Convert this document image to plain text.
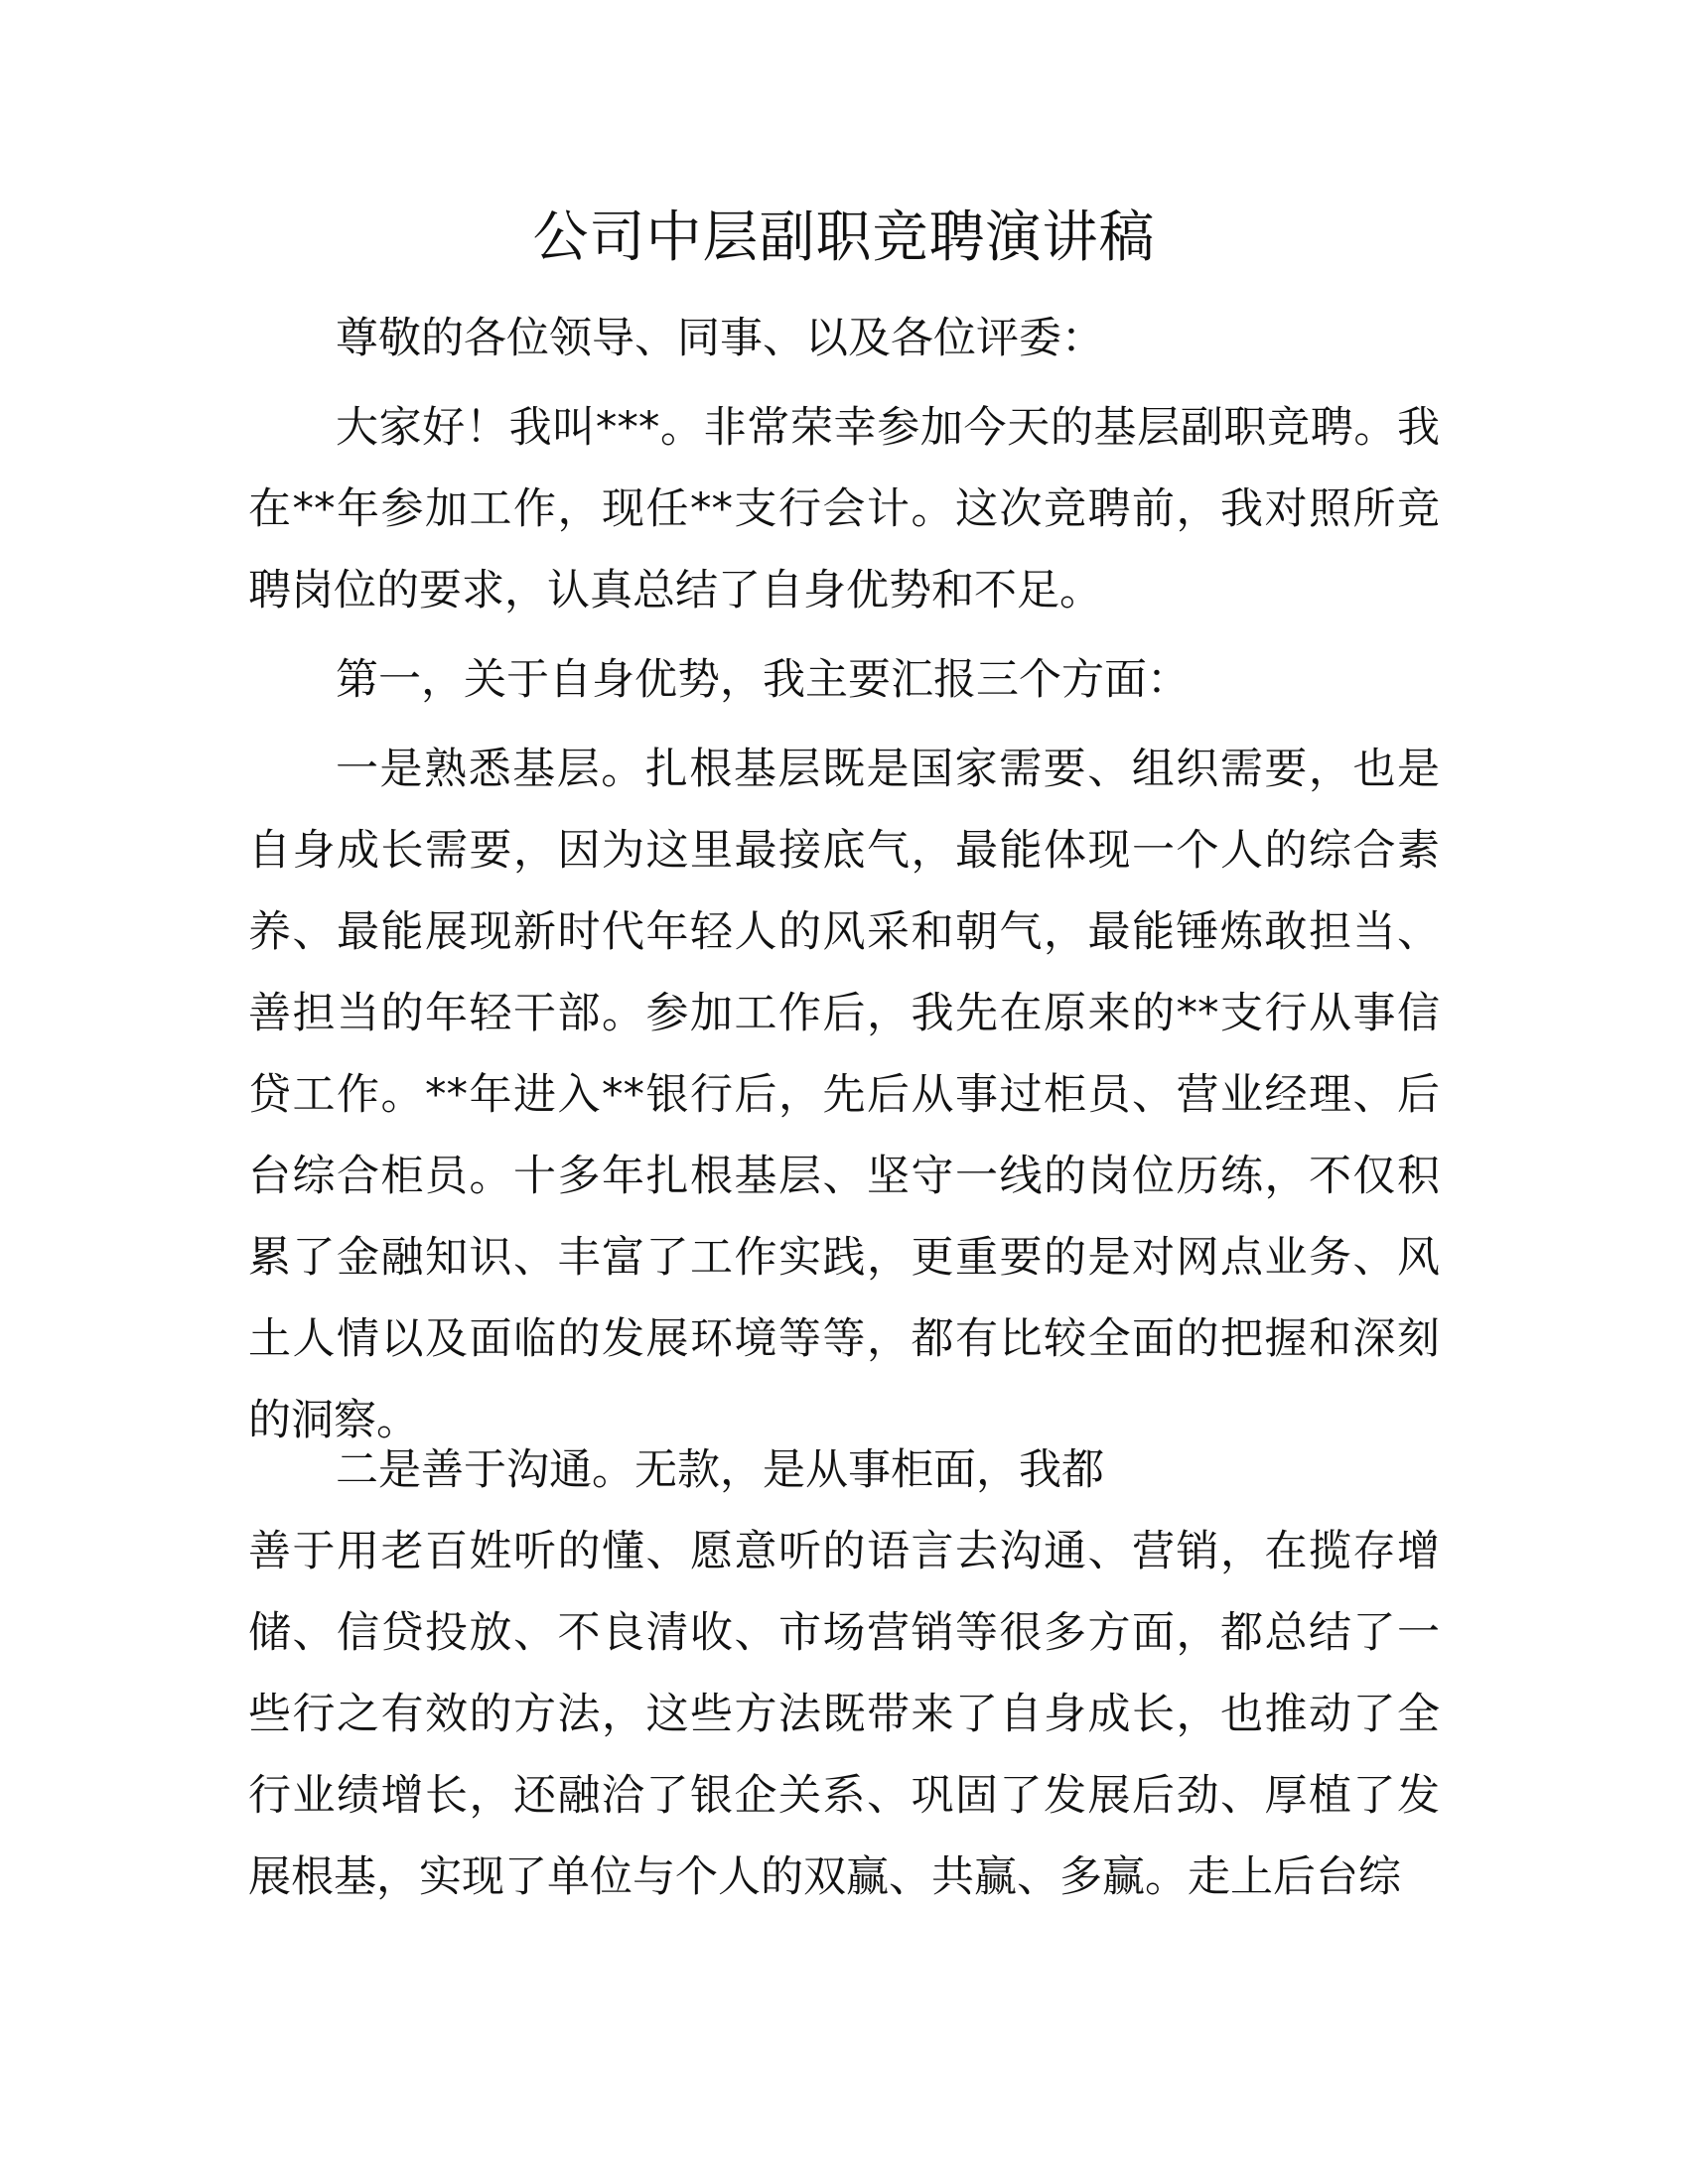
公司中层副职竞聘演讲稿

尊敬的各位领导、同事、以及各位评委：

大家好！我叫***。非常荣幸参加今天的基层副职竞聘。我在**年参加工作，现任**支行会计。这次竞聘前，我对照所竞聘岗位的要求，认真总结了自身优势和不足。

第一，关于自身优势，我主要汇报三个方面：

一是熟悉基层。扎根基层既是国家需要、组织需要，也是自身成长需要，因为这里最接底气，最能体现一个人的综合素养、最能展现新时代年轻人的风采和朝气，最能锤炼敢担当、善担当的年轻干部。参加工作后，我先在原来的**支行从事信贷工作。**年进入**银行后，先后从事过柜员、营业经理、后台综合柜员。十多年扎根基层、坚守一线的岗位历练，不仅积累了金融知识、丰富了工作实践，更重要的是对网点业务、风土人情以及面临的发展环境等等，都有比较全面的把握和深刻的洞察。

二是善于沟通。无款，是从事柜面，我都

善于用老百姓听的懂、愿意听的语言去沟通、营销，在揽存增储、信贷投放、不良清收、市场营销等很多方面，都总结了一些行之有效的方法，这些方法既带来了自身成长，也推动了全行业绩增长，还融洽了银企关系、巩固了发展后劲、厚植了发展根基，实现了单位与个人的双赢、共赢、多赢。走上后台综
